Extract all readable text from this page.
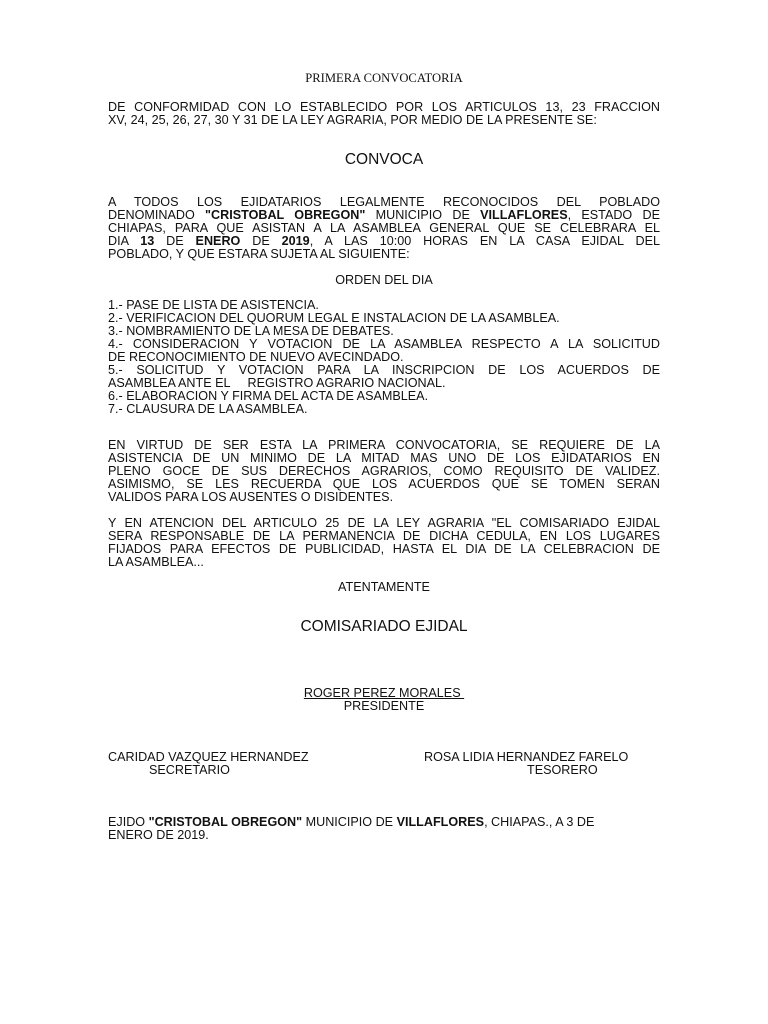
PRIMERA CONVOCATORIA
DE CONFORMIDAD CON LO ESTABLECIDO POR LOS ARTICULOS 13, 23 FRACCION
XV, 24, 25, 26, 27, 30 Y 31 DE LA LEY AGRARIA, POR MEDIO DE LA PRESENTE SE:
CONVOCA
A TODOS LOS EJIDATARIOS LEGALMENTE RECONOCIDOS DEL POBLADO
DENOMINADO "CRISTOBAL OBREGON" MUNICIPIO DE VILLAFLORES, ESTADO DE
CHIAPAS, PARA QUE ASISTAN A LA ASAMBLEA GENERAL QUE SE CELEBRARA EL
DIA 13 DE ENERO DE 2019, A LAS 10:00 HORAS EN LA CASA EJIDAL DEL
POBLADO, Y QUE ESTARA SUJETA AL SIGUIENTE:
ORDEN DEL DIA
1.- PASE DE LISTA DE ASISTENCIA.
2.- VERIFICACION DEL QUORUM LEGAL E INSTALACION DE LA ASAMBLEA.
3.- NOMBRAMIENTO DE LA MESA DE DEBATES.
4.- CONSIDERACION Y VOTACION DE LA ASAMBLEA RESPECTO A LA SOLICITUD
DE RECONOCIMIENTO DE NUEVO AVECINDADO.
5.- SOLICITUD Y VOTACION PARA LA INSCRIPCION DE LOS ACUERDOS DE
ASAMBLEA ANTE EL     REGISTRO AGRARIO NACIONAL.
6.- ELABORACION Y FIRMA DEL ACTA DE ASAMBLEA.
7.- CLAUSURA DE LA ASAMBLEA.
EN VIRTUD DE SER ESTA LA PRIMERA CONVOCATORIA, SE REQUIERE DE LA
ASISTENCIA DE UN MINIMO DE LA MITAD MAS UNO DE LOS EJIDATARIOS EN
PLENO GOCE DE SUS DERECHOS AGRARIOS, COMO REQUISITO DE VALIDEZ.
ASIMISMO, SE LES RECUERDA QUE LOS ACUERDOS QUE SE TOMEN SERAN
VALIDOS PARA LOS AUSENTES O DISIDENTES.
Y EN ATENCION DEL ARTICULO 25 DE LA LEY AGRARIA "EL COMISARIADO EJIDAL
SERA RESPONSABLE DE LA PERMANENCIA DE DICHA CEDULA, EN LOS LUGARES
FIJADOS PARA EFECTOS DE PUBLICIDAD, HASTA EL DIA DE LA CELEBRACION DE
LA ASAMBLEA...
ATENTAMENTE
COMISARIADO EJIDAL
ROGER PEREZ MORALES
PRESIDENTE
CARIDAD VAZQUEZ HERNANDEZ
SECRETARIO
ROSA LIDIA HERNANDEZ FARELO
TESORERO
EJIDO "CRISTOBAL OBREGON" MUNICIPIO DE VILLAFLORES, CHIAPAS., A 3 DE
ENERO DE 2019.
